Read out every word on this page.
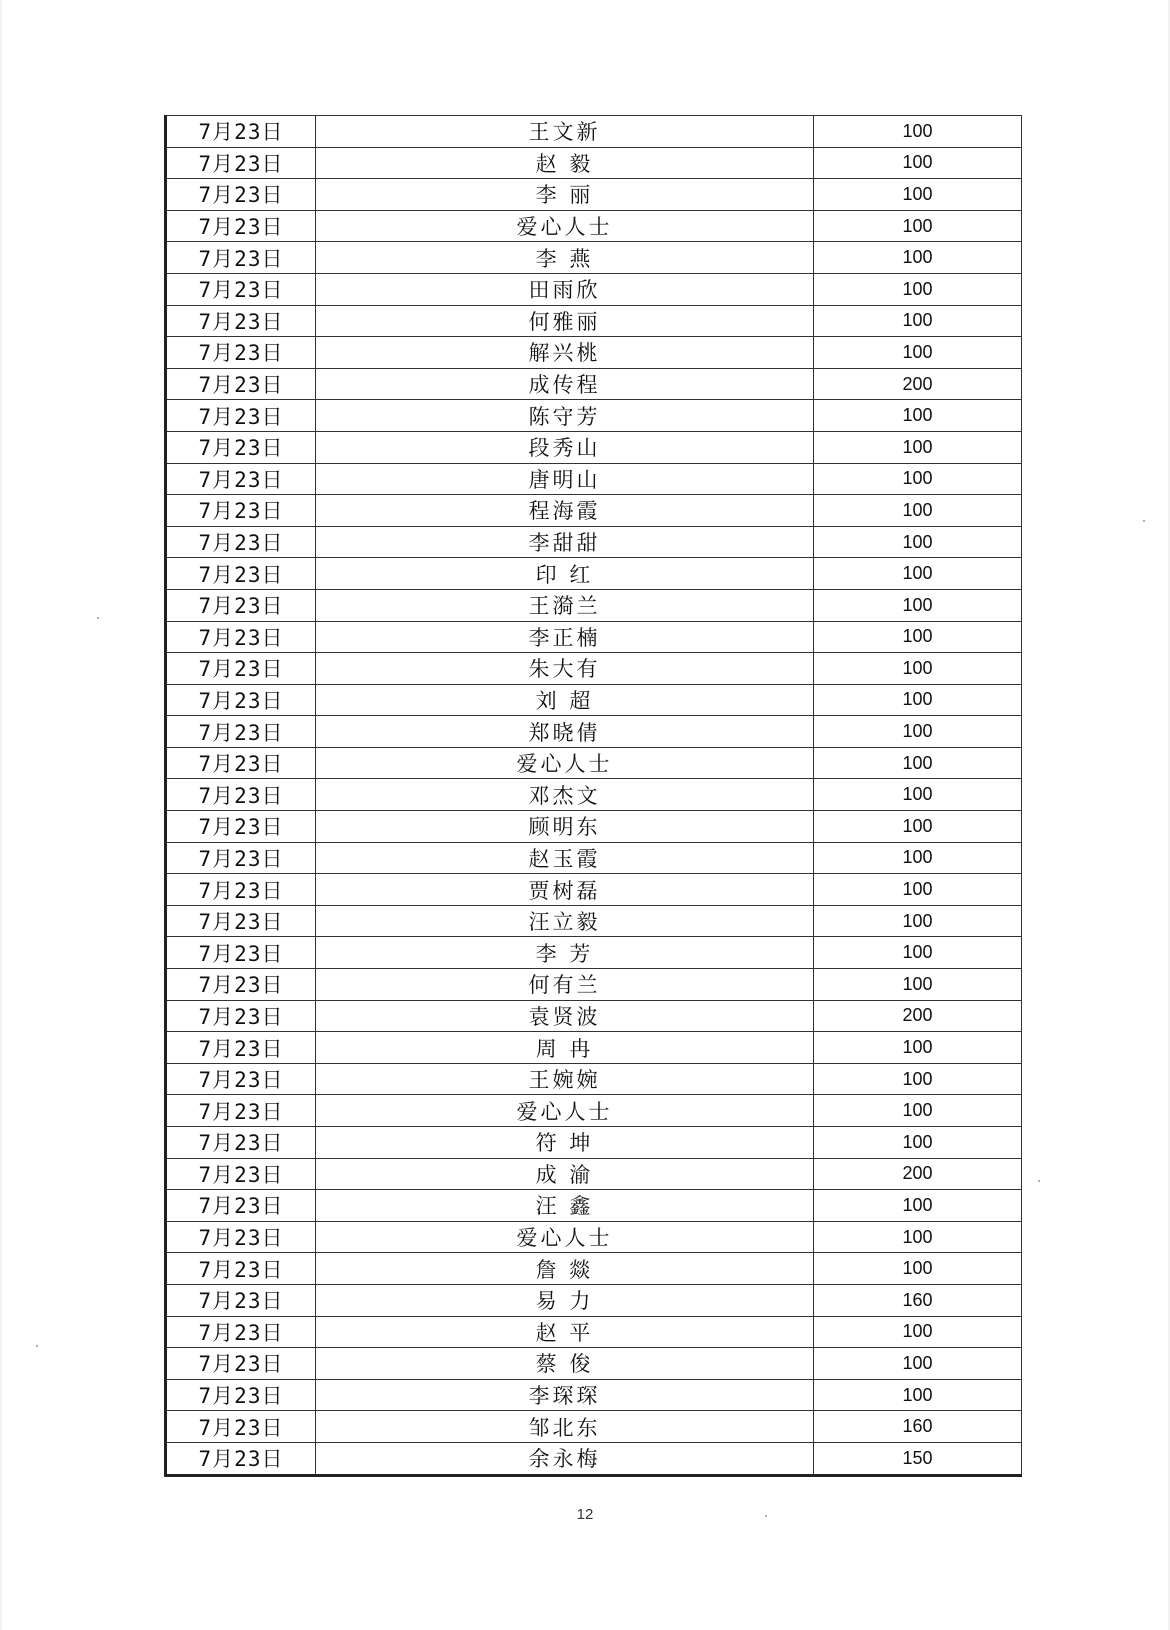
7月23日	王文新	100
7月23日	赵 毅	100
7月23日	李 丽	100
7月23日	爱心人士	100
7月23日	李 燕	100
7月23日	田雨欣	100
7月23日	何雅丽	100
7月23日	解兴桃	100
7月23日	成传程	200
7月23日	陈守芳	100
7月23日	段秀山	100
7月23日	唐明山	100
7月23日	程海霞	100
7月23日	李甜甜	100
7月23日	印 红	100
7月23日	王漪兰	100
7月23日	李正楠	100
7月23日	朱大有	100
7月23日	刘 超	100
7月23日	郑晓倩	100
7月23日	爱心人士	100
7月23日	邓杰文	100
7月23日	顾明东	100
7月23日	赵玉霞	100
7月23日	贾树磊	100
7月23日	汪立毅	100
7月23日	李 芳	100
7月23日	何有兰	100
7月23日	袁贤波	200
7月23日	周 冉	100
7月23日	王婉婉	100
7月23日	爱心人士	100
7月23日	符 坤	100
7月23日	成 渝	200
7月23日	汪 鑫	100
7月23日	爱心人士	100
7月23日	詹 燚	100
7月23日	易 力	160
7月23日	赵 平	100
7月23日	蔡 俊	100
7月23日	李琛琛	100
7月23日	邹北东	160
7月23日	余永梅	150
12
